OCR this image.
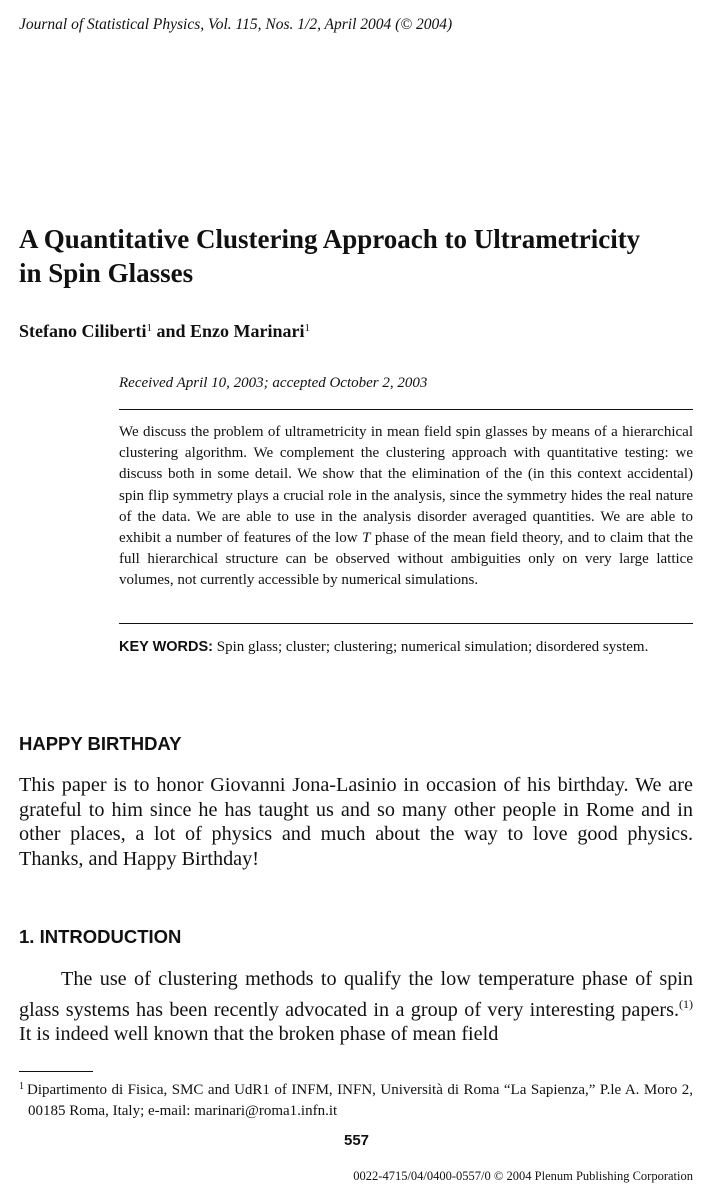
Journal of Statistical Physics, Vol. 115, Nos. 1/2, April 2004 (© 2004)
A Quantitative Clustering Approach to Ultrametricity
in Spin Glasses
Stefano Ciliberti$^1$ and Enzo Marinari$^1$
Received April 10, 2003; accepted October 2, 2003

We discuss the problem of ultrametricity in mean field spin glasses by means of a hierarchical clustering algorithm. We complement the clustering approach with quantitative testing: we discuss both in some detail. We show that the elimination of the (in this context accidental) spin flip symmetry plays a crucial role in the analysis, since the symmetry hides the real nature of the data. We are able to use in the analysis disorder averaged quantities. We are able to exhibit a number of features of the low T phase of the mean field theory, and to claim that the full hierarchical structure can be observed without ambiguities only on very large lattice volumes, not currently accessible by numerical simulations.

KEY WORDS: Spin glass; cluster; clustering; numerical simulation; disordered system.

HAPPY BIRTHDAY

This paper is to honor Giovanni Jona-Lasinio in occasion of his birthday. We are grateful to him since he has taught us and so many other people in Rome and in other places, a lot of physics and much about the way to love good physics. Thanks, and Happy Birthday!

1. INTRODUCTION

The use of clustering methods to qualify the low temperature phase of spin glass systems has been recently advocated in a group of very interesting papers.$^{(1)}$ It is indeed well known that the broken phase of mean field

$^1$ Dipartimento di Fisica, SMC and UdR1 of INFM, INFN, Università di Roma “La Sapienza,” P.le A. Moro 2, 00185 Roma, Italy; e-mail: marinari@roma1.infn.it

557
0022-4715/04/0400-0557/0 © 2004 Plenum Publishing Corporation
